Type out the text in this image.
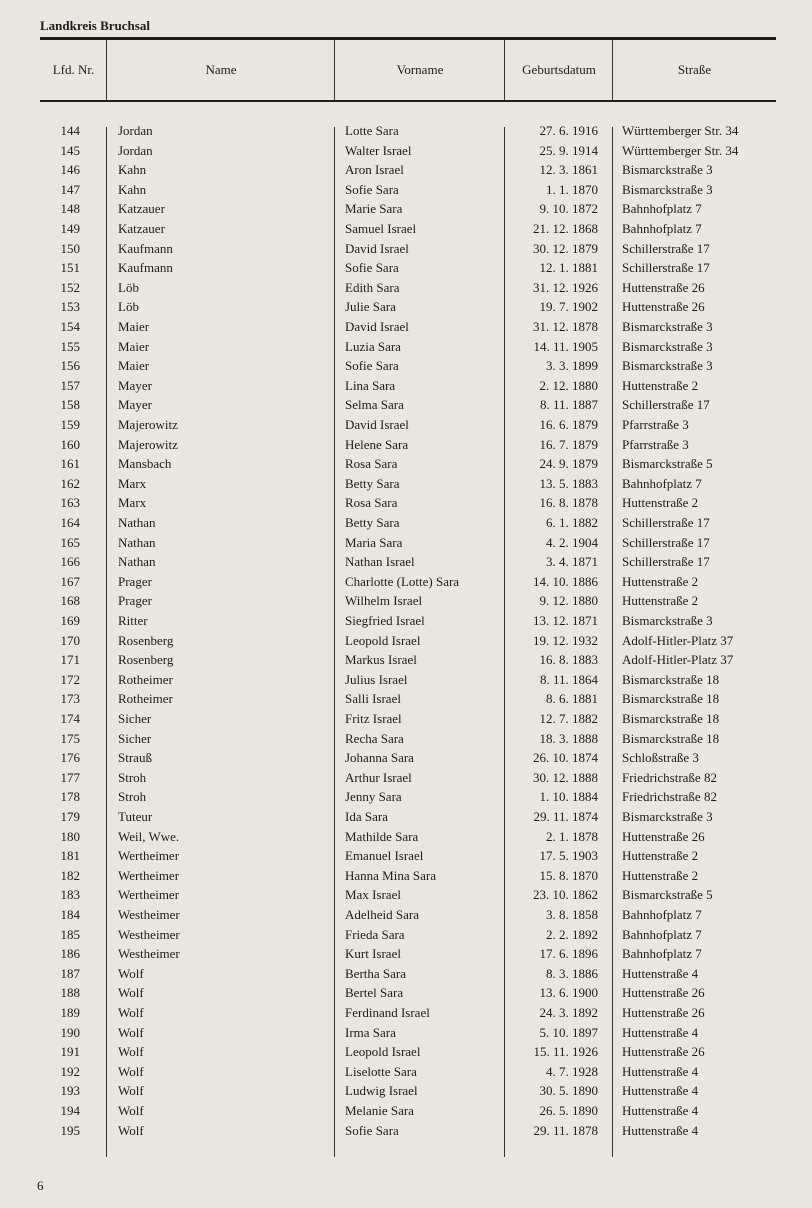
Landkreis Bruchsal
Lfd. Nr.	Name	Vorname	Geburtsdatum	Straße
144	Jordan	Lotte Sara	27. 6. 1916 Württemberger Str. 34
145	Jordan	Walter Israel	25. 9. 1914 Württemberger Str. 34
146	Kahn	Aron Israel	12. 3. 1861 Bismarckstraße 3
147	Kahn	Sofie Sara	1. 1. 1870 Bismarckstraße 3
148	Katzauer	Marie Sara	9. 10. 1872 Bahnhofplatz 7
149	Katzauer	Samuel Israel	21. 12. 1868 Bahnhofplatz 7
150	Kaufmann	David Israel	30. 12. 1879 Schillerstraße 17
151	Kaufmann	Sofie Sara	12. 1. 1881 Schillerstraße 17
152	Löb	Edith Sara	31. 12. 1926 Huttenstraße 26
153	Löb	Julie Sara	19. 7. 1902 Huttenstraße 26
154	Maier	David Israel	31. 12. 1878 Bismarckstraße 3
155	Maier	Luzia Sara	14. 11. 1905 Bismarckstraße 3
156	Maier	Sofie Sara	3. 3. 1899 Bismarckstraße 3
157	Mayer	Lina Sara	2. 12. 1880 Huttenstraße 2
158	Mayer	Selma Sara	8. 11. 1887 Schillerstraße 17
159	Majerowitz	David Israel	16. 6. 1879 Pfarrstraße 3
160	Majerowitz	Helene Sara	16. 7. 1879 Pfarrstraße 3
161	Mansbach	Rosa Sara	24. 9. 1879 Bismarckstraße 5
162	Marx	Betty Sara	13. 5. 1883 Bahnhofplatz 7
163	Marx	Rosa Sara	16. 8. 1878 Huttenstraße 2
164	Nathan	Betty Sara	6. 1. 1882 Schillerstraße 17
165	Nathan	Maria Sara	4. 2. 1904 Schillerstraße 17
166	Nathan	Nathan Israel	3. 4. 1871 Schillerstraße 17
167	Prager	Charlotte (Lotte) Sara	14. 10. 1886 Huttenstraße 2
168	Prager	Wilhelm Israel	9. 12. 1880 Huttenstraße 2
169	Ritter	Siegfried Israel	13. 12. 1871 Bismarckstraße 3
170	Rosenberg	Leopold Israel	19. 12. 1932 Adolf-Hitler-Platz 37
171	Rosenberg	Markus Israel	16. 8. 1883 Adolf-Hitler-Platz 37
172	Rotheimer	Julius Israel	8. 11. 1864 Bismarckstraße 18
173	Rotheimer	Salli Israel	8. 6. 1881 Bismarckstraße 18
174	Sicher	Fritz Israel	12. 7. 1882 Bismarckstraße 18
175	Sicher	Recha Sara	18. 3. 1888 Bismarckstraße 18
176	Strauß	Johanna Sara	26. 10. 1874 Schloßstraße 3
177	Stroh	Arthur Israel	30. 12. 1888 Friedrichstraße 82
178	Stroh	Jenny Sara	1. 10. 1884 Friedrichstraße 82
179	Tuteur	Ida Sara	29. 11. 1874 Bismarckstraße 3
180	Weil, Wwe.	Mathilde Sara	2. 1. 1878 Huttenstraße 26
181	Wertheimer	Emanuel Israel	17. 5. 1903 Huttenstraße 2
182	Wertheimer	Hanna Mina Sara	15. 8. 1870 Huttenstraße 2
183	Wertheimer	Max Israel	23. 10. 1862 Bismarckstraße 5
184	Westheimer	Adelheid Sara	3. 8. 1858 Bahnhofplatz 7
185	Westheimer	Frieda Sara	2. 2. 1892 Bahnhofplatz 7
186	Westheimer	Kurt Israel	17. 6. 1896 Bahnhofplatz 7
187	Wolf	Bertha Sara	8. 3. 1886 Huttenstraße 4
188	Wolf	Bertel Sara	13. 6. 1900 Huttenstraße 26
189	Wolf	Ferdinand Israel	24. 3. 1892 Huttenstraße 26
190	Wolf	Irma Sara	5. 10. 1897 Huttenstraße 4
191	Wolf	Leopold Israel	15. 11. 1926 Huttenstraße 26
192	Wolf	Liselotte Sara	4. 7. 1928 Huttenstraße 4
193	Wolf	Ludwig Israel	30. 5. 1890 Huttenstraße 4
194	Wolf	Melanie Sara	26. 5. 1890 Huttenstraße 4
195	Wolf	Sofie Sara	29. 11. 1878 Huttenstraße 4
6
